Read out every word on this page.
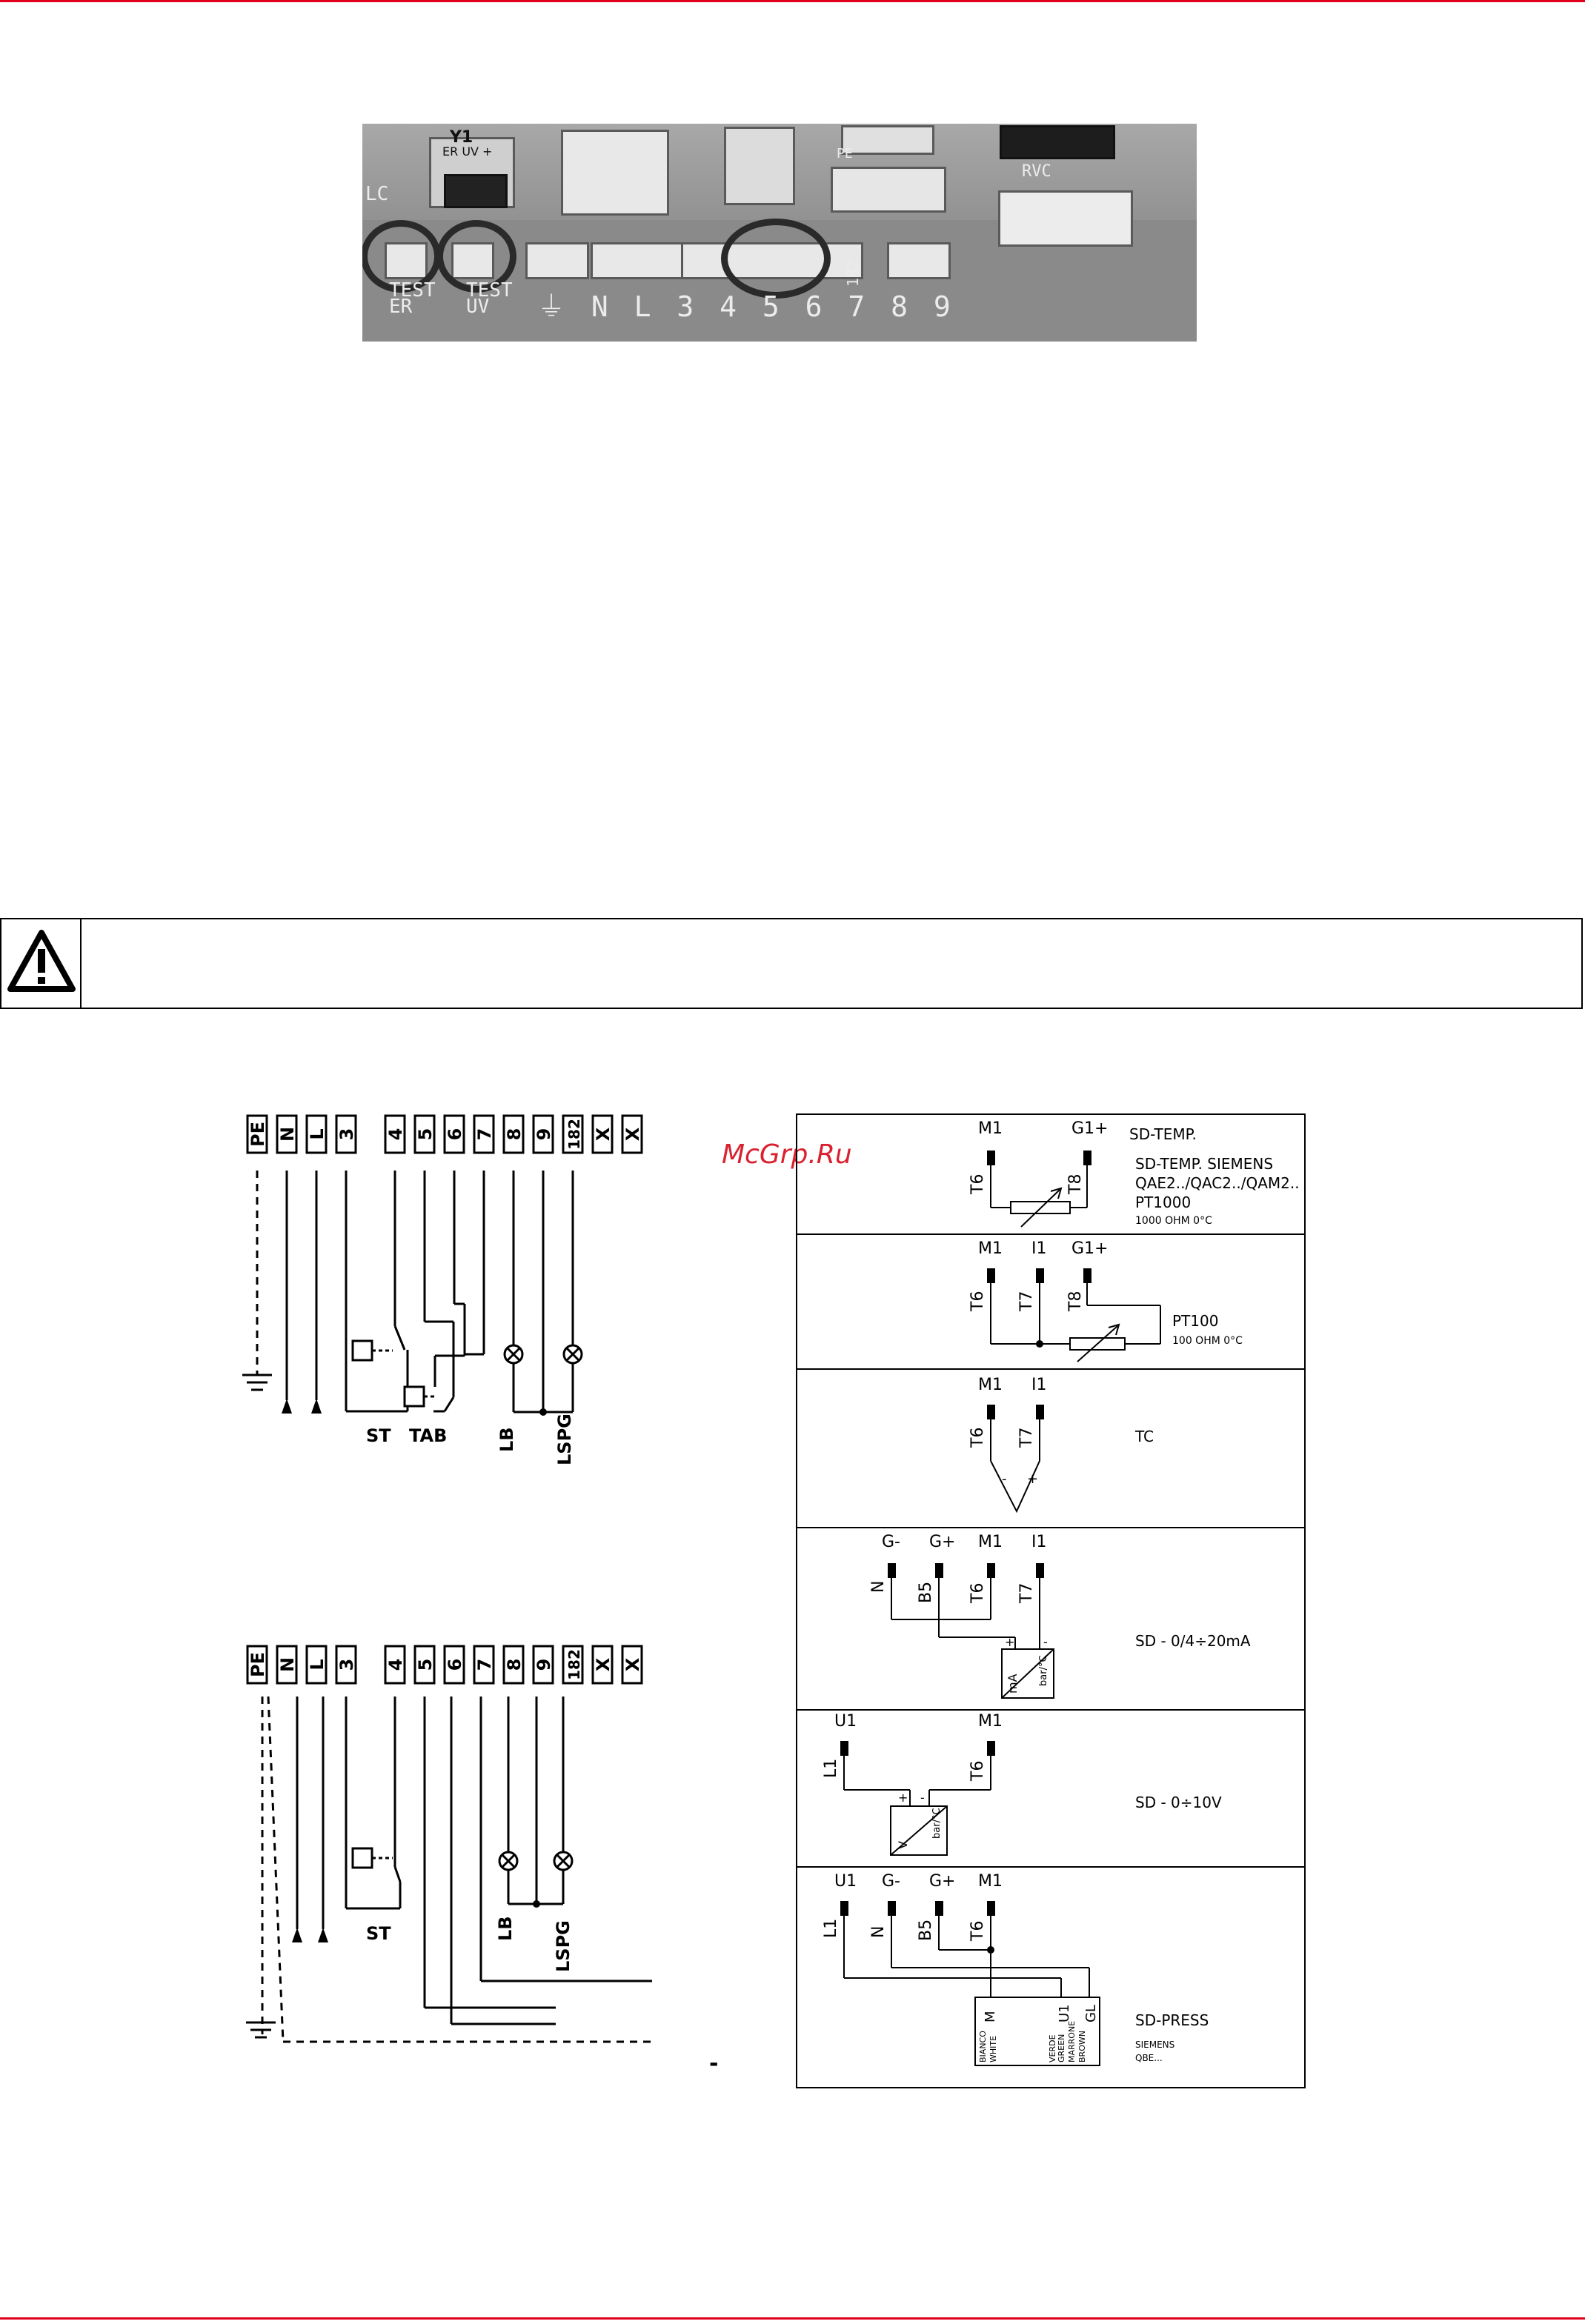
Y1
ER UV +	PE
RVC
LC
TEST
ER
TEST
UV	⏚ N L 3 4 5 6 7 8 9
182
McGrp.Ru
PE N L 3 4 5 6 7 8 9 182 X X
ST TAB	LB LSPG
PE N L 3 4 5 6 7 8 9 182 X X
ST	LB LSPG
M1	G1+
T6	T8
SD-TEMP.
SD-TEMP. SIEMENS
QAE2../QAC2../QAM2..
PT1000
1000 OHM 0°C
M1 I1 G1+
T6 T7 T8
PT100
100 OHM 0°C
M1 I1
T6 T7
- +
TC
G- G+ M1 I1
N B5 T6 T7
+ -
mA bar/°C
SD - 0/4÷20mA
U1	M1
L1	T6
+ -
V
bar/°C
SD - 0÷10V
U1 G- G+ M1
L1 N B5 T6
M	U1 GL
BIANCO WHITE	VERDE GREEN MARRONE BROWN
SD-PRESS
SIEMENS
QBE...
-
